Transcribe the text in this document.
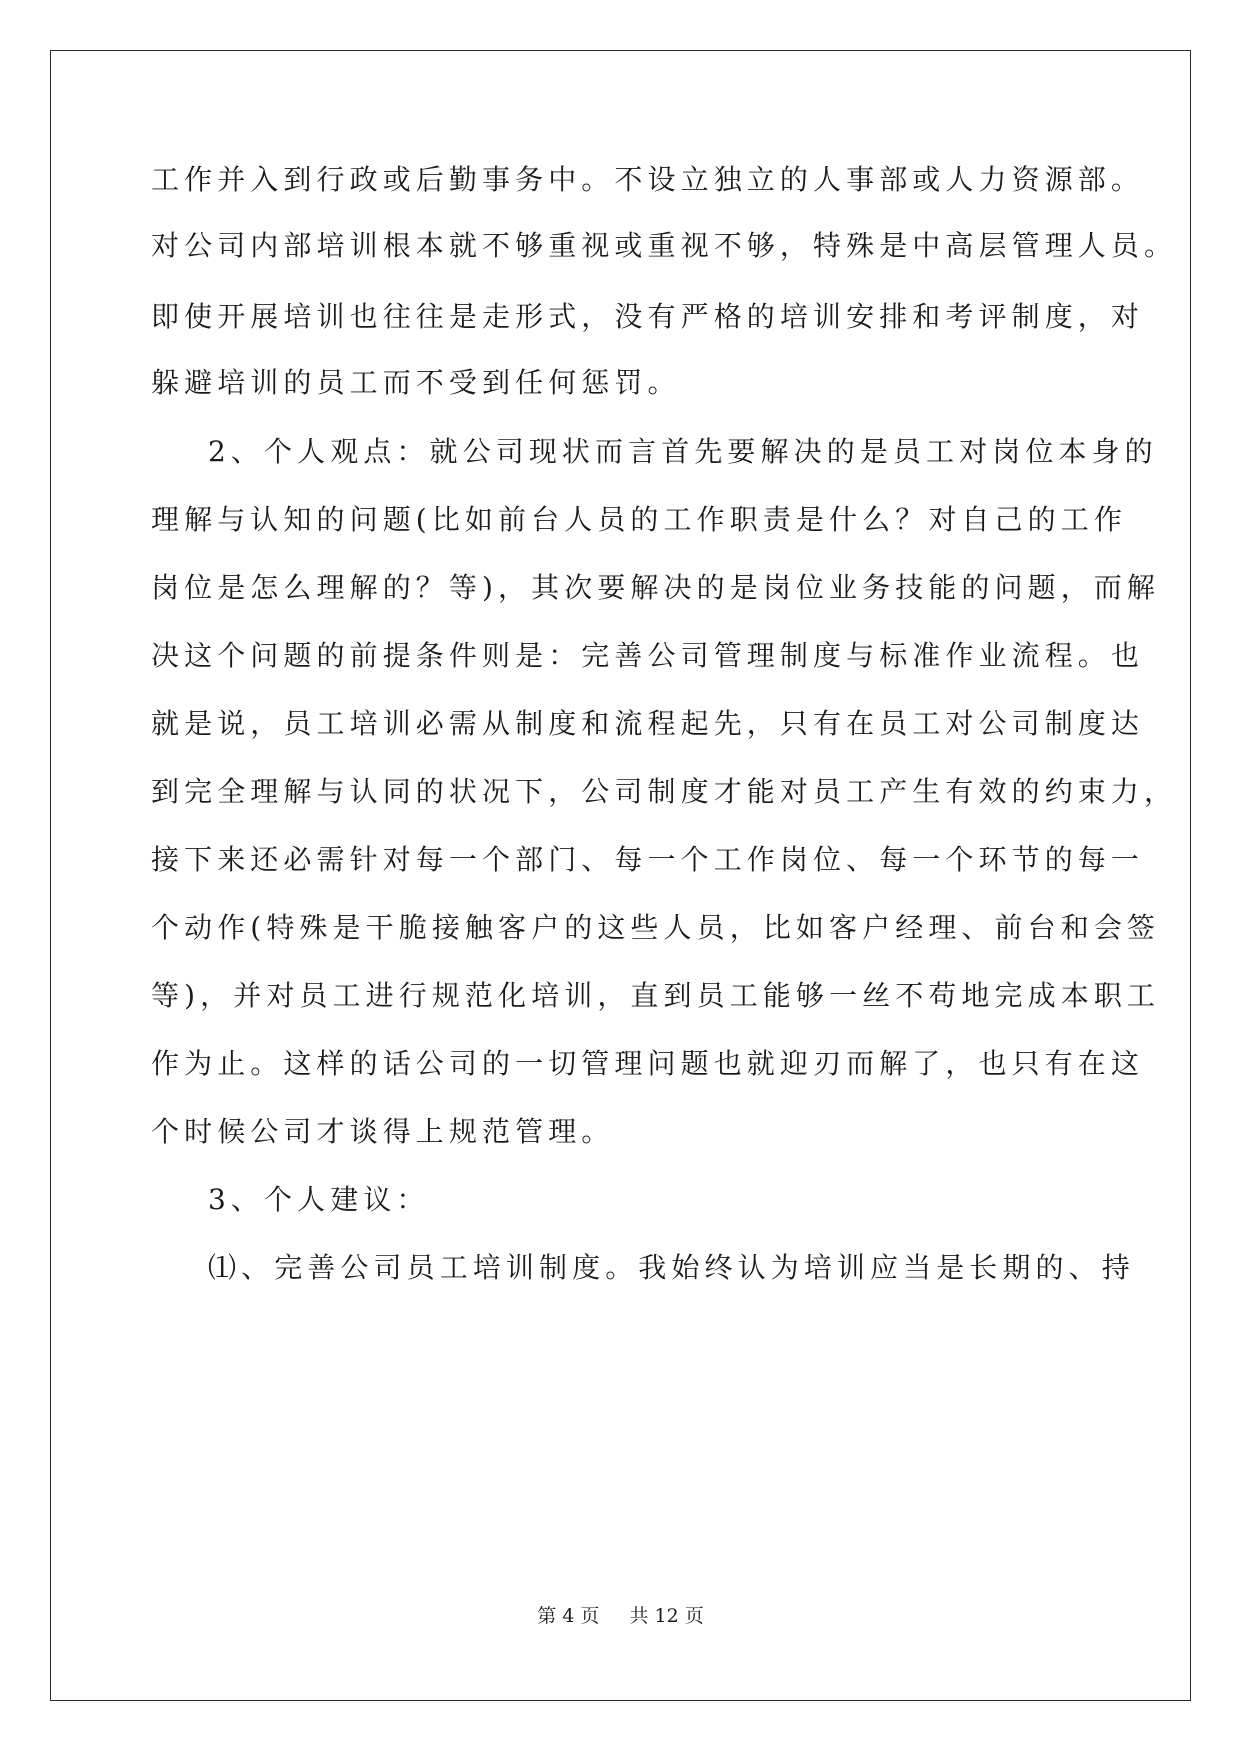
工作并入到行政或后勤事务中。不设立独立的人事部或人力资源部。
对公司内部培训根本就不够重视或重视不够，特殊是中高层管理人员。
即使开展培训也往往是走形式，没有严格的培训安排和考评制度，对
躲避培训的员工而不受到任何惩罚。
2、个人观点：就公司现状而言首先要解决的是员工对岗位本身的
理解与认知的问题(比如前台人员的工作职责是什么？对自己的工作
岗位是怎么理解的？等)，其次要解决的是岗位业务技能的问题，而解
决这个问题的前提条件则是：完善公司管理制度与标准作业流程。也
就是说，员工培训必需从制度和流程起先，只有在员工对公司制度达
到完全理解与认同的状况下，公司制度才能对员工产生有效的约束力，
接下来还必需针对每一个部门、每一个工作岗位、每一个环节的每一
个动作(特殊是干脆接触客户的这些人员，比如客户经理、前台和会签
等)，并对员工进行规范化培训，直到员工能够一丝不苟地完成本职工
作为止。这样的话公司的一切管理问题也就迎刃而解了，也只有在这
个时候公司才谈得上规范管理。
3、个人建议：
⑴、完善公司员工培训制度。我始终认为培训应当是长期的、持
第 4 页 共 12 页
